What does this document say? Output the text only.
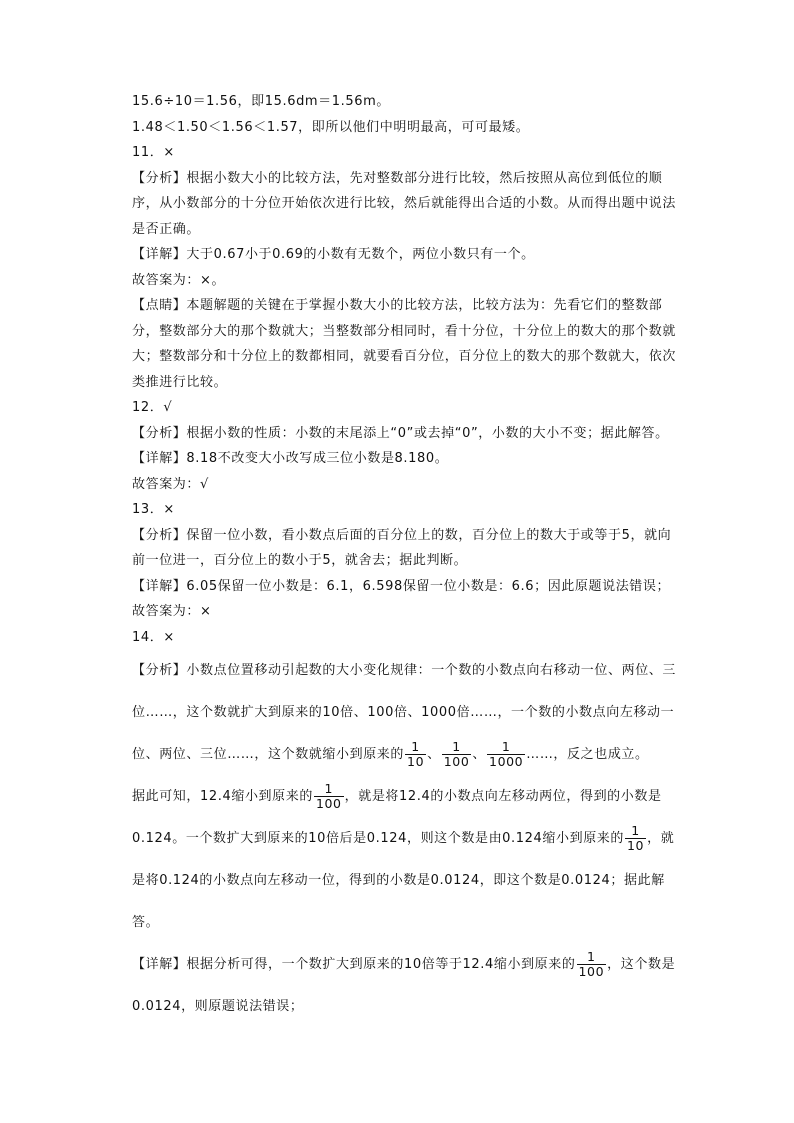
15.6÷10＝1.56，即15.6dm＝1.56m。
1.48＜1.50＜1.56＜1.57，即所以他们中明明最高，可可最矮。
11．×
【分析】根据小数大小的比较方法，先对整数部分进行比较，然后按照从高位到低位的顺序，从小数部分的十分位开始依次进行比较，然后就能得出合适的小数。从而得出题中说法是否正确。
【详解】大于0.67小于0.69的小数有无数个，两位小数只有一个。
故答案为：×。
【点睛】本题解题的关键在于掌握小数大小的比较方法，比较方法为：先看它们的整数部分，整数部分大的那个数就大；当整数部分相同时，看十分位，十分位上的数大的那个数就大；整数部分和十分位上的数都相同，就要看百分位，百分位上的数大的那个数就大，依次类推进行比较。
12．√
【分析】根据小数的性质：小数的末尾添上“0”或去掉“0”，小数的大小不变；据此解答。
【详解】8.18不改变大小改写成三位小数是8.180。
故答案为：√
13．×
【分析】保留一位小数，看小数点后面的百分位上的数，百分位上的数大于或等于5，就向前一位进一，百分位上的数小于5，就舍去；据此判断。
【详解】6.05保留一位小数是：6.1，6.598保留一位小数是：6.6；因此原题说法错误；
故答案为：×
14．×
【分析】小数点位置移动引起数的大小变化规律：一个数的小数点向右移动一位、两位、三位……，这个数就扩大到原来的10倍、100倍、1000倍……，一个数的小数点向左移动一位、两位、三位……，这个数就缩小到原来的 $\frac{1}{10}$ 、 $\frac{1}{100}$ 、 $\frac{1}{1000}$ ……，反之也成立。
据此可知，12.4缩小到原来的 $\frac{1}{100}$ ，就是将12.4的小数点向左移动两位，得到的小数是0.124。一个数扩大到原来的10倍后是0.124，则这个数是由0.124缩小到原来的 $\frac{1}{10}$ ，就是将0.124的小数点向左移动一位，得到的小数是0.0124，即这个数是0.0124；据此解答。
【详解】根据分析可得，一个数扩大到原来的10倍等于12.4缩小到原来的 $\frac{1}{100}$ ，这个数是0.0124，则原题说法错误；
